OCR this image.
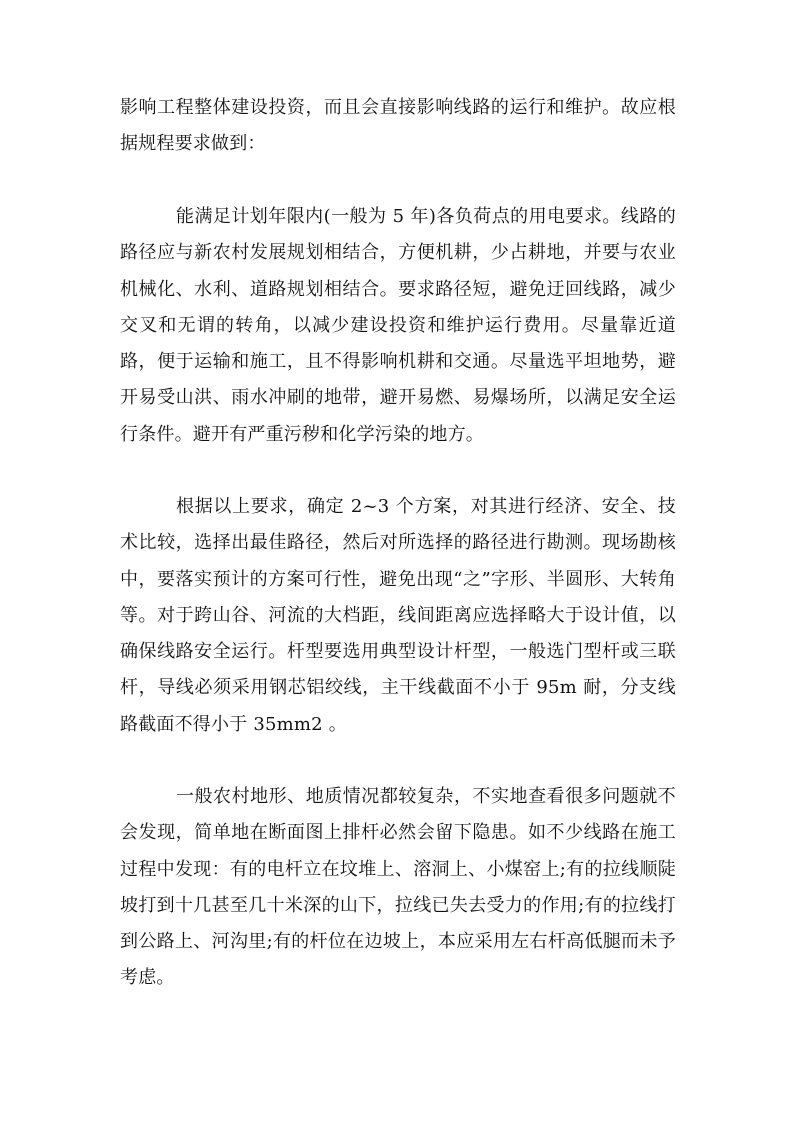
影响工程整体建设投资，而且会直接影响线路的运行和维护。故应根据规程要求做到：

能满足计划年限内(一般为 5 年)各负荷点的用电要求。线路的路径应与新农村发展规划相结合，方便机耕，少占耕地，并要与农业机械化、水利、道路规划相结合。要求路径短，避免迂回线路，减少交叉和无谓的转角，以减少建设投资和维护运行费用。尽量靠近道路，便于运输和施工，且不得影响机耕和交通。尽量选平坦地势，避开易受山洪、雨水冲刷的地带，避开易燃、易爆场所，以满足安全运行条件。避开有严重污秽和化学污染的地方。

根据以上要求，确定 2~3 个方案，对其进行经济、安全、技术比较，选择出最佳路径，然后对所选择的路径进行勘测。现场勘核中，要落实预计的方案可行性，避免出现“之”字形、半圆形、大转角等。对于跨山谷、河流的大档距，线间距离应选择略大于设计值，以确保线路安全运行。杆型要选用典型设计杆型，一般选门型杆或三联杆，导线必须采用钢芯铝绞线，主干线截面不小于 95m 耐，分支线路截面不得小于 35mm2 。

一般农村地形、地质情况都较复杂，不实地查看很多问题就不会发现，简单地在断面图上排杆必然会留下隐患。如不少线路在施工过程中发现：有的电杆立在坟堆上、溶洞上、小煤窑上;有的拉线顺陡坡打到十几甚至几十米深的山下，拉线已失去受力的作用;有的拉线打到公路上、河沟里;有的杆位在边坡上，本应采用左右杆高低腿而未予考虑。
